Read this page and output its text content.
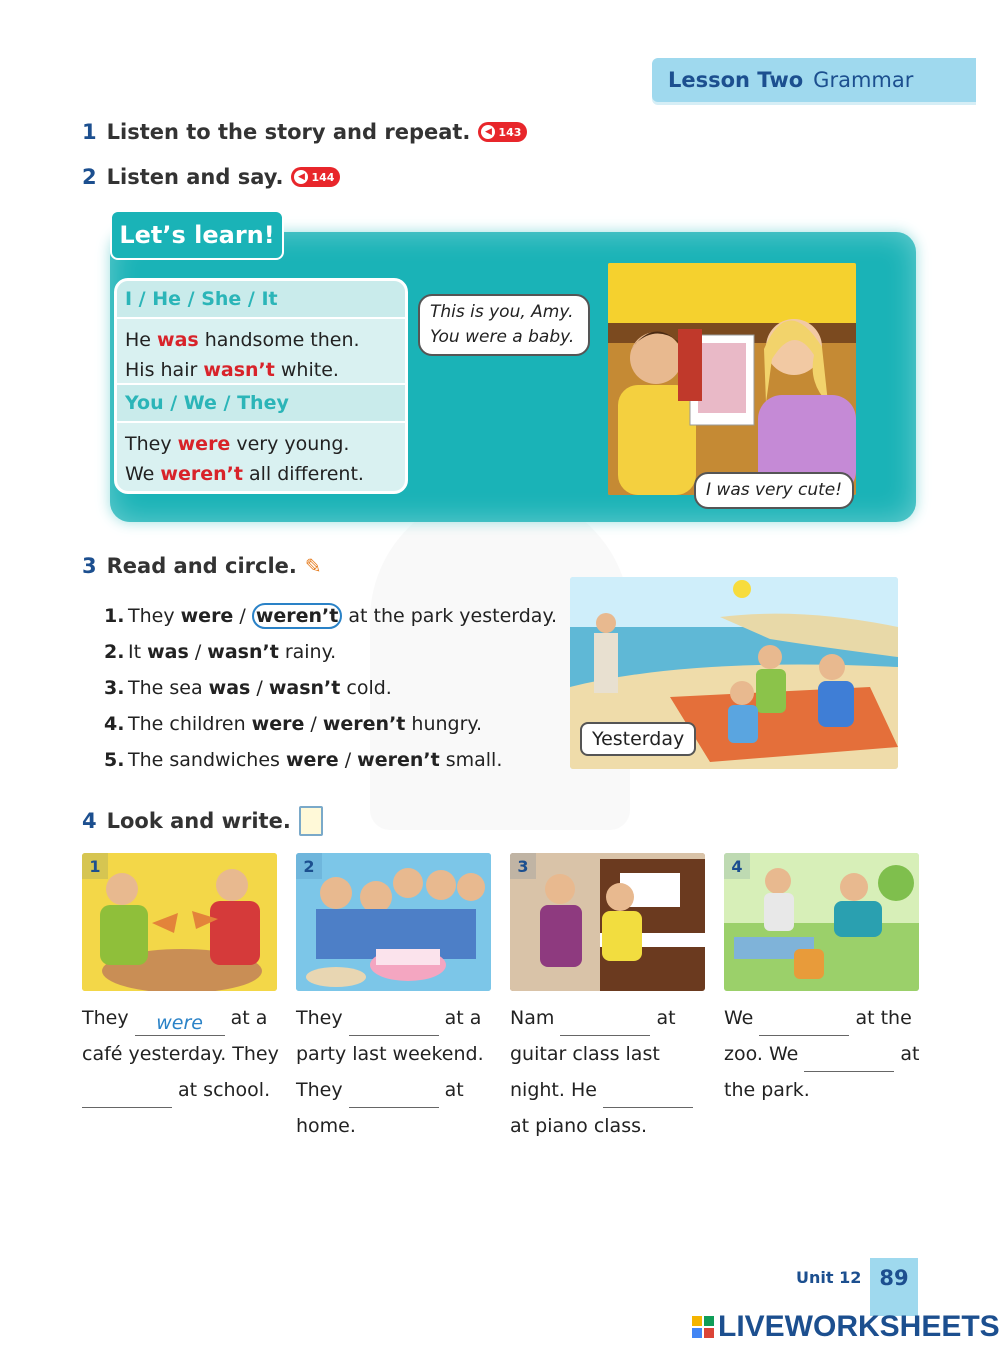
Lesson Two Grammar
1 Listen to the story and repeat.	◀ 143
2 Listen and say.	◀ 144
Let’s learn!
I / He / She / It
He was handsome then.
His hair wasn’t white.
You / We / They
They were very young.
We weren’t all different.
This is you, Amy.
You were a baby.
I was very cute!
3 Read and circle. ✎
1. They were / weren’t at the park yesterday.
2. It was / wasn’t rainy.
3. The sea was / wasn’t cold.
4. The children were / weren’t hungry.
5. The sandwiches were / weren’t small.
Yesterday
4 Look and write.
1	2	3	4
They were at a café yesterday. They  at school.
They	at a party last weekend. They	at home.
Nam	at guitar class last night. He  at piano class.
We	at the zoo. We	at the park.
Unit 12 89
LIVEWORKSHEETS
